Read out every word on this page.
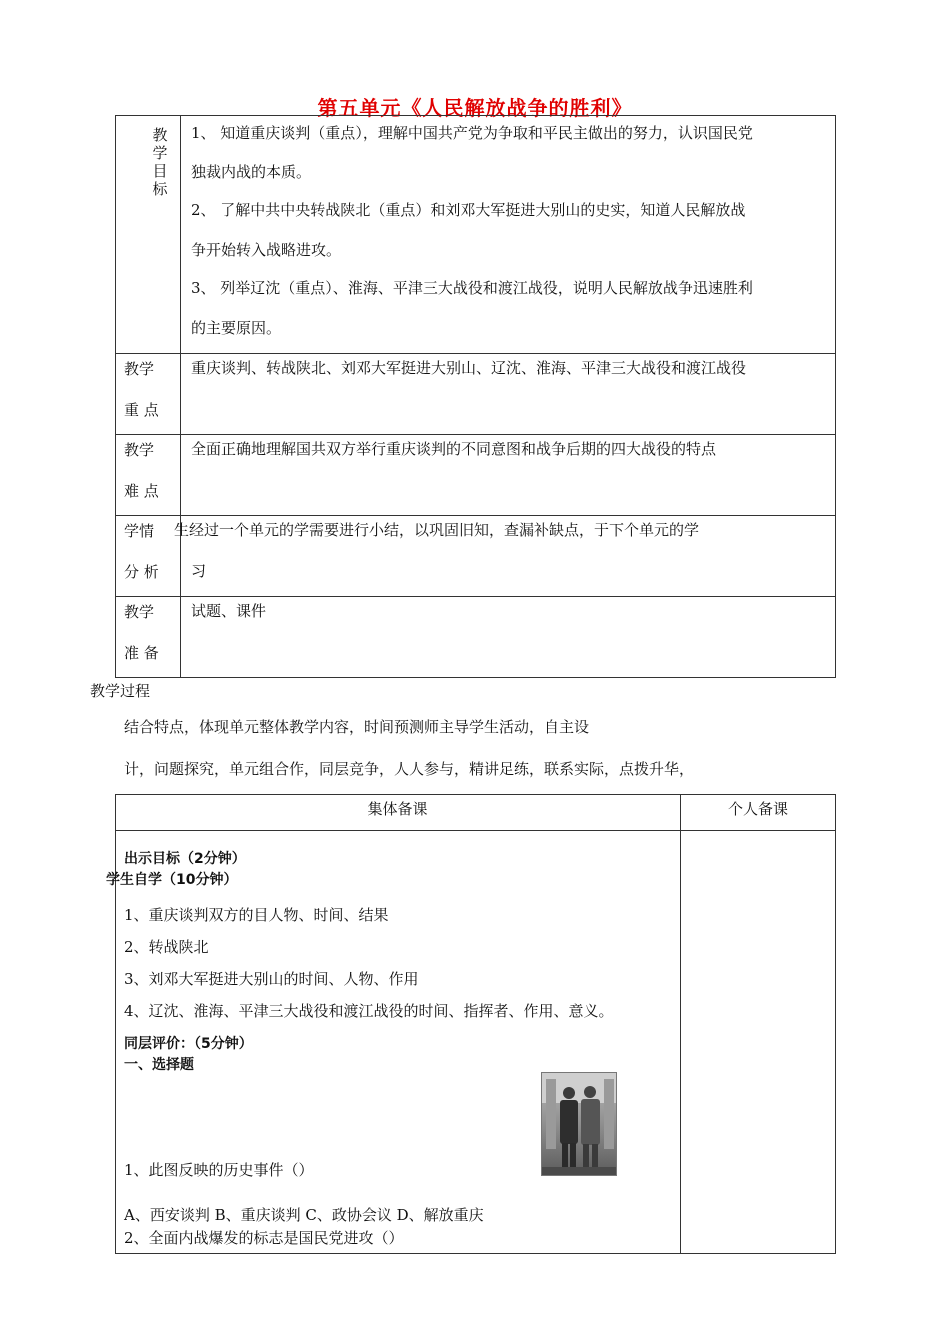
第五单元《人民解放战争的胜利》
教
学
目
标
1、 知道重庆谈判（重点），理解中国共产党为争取和平民主做出的努力，认识国民党
独裁内战的本质。
2、 了解中共中央转战陕北（重点）和刘邓大军挺进大别山的史实，知道人民解放战
争开始转入战略进攻。
3、 列举辽沈（重点）、淮海、平津三大战役和渡江战役，说明人民解放战争迅速胜利
的主要原因。
教学
重 点
重庆谈判、转战陕北、刘邓大军挺进大别山、辽沈、淮海、平津三大战役和渡江战役
教学
难 点
全面正确地理解国共双方举行重庆谈判的不同意图和战争后期的四大战役的特点
学情
分 析
生经过一个单元的学需要进行小结，以巩固旧知，查漏补缺点，于下个单元的学
习
教学
准 备
试题、课件
教学过程
结合特点，体现单元整体教学内容，时间预测师主导学生活动，自主设
计，问题探究，单元组合作，同层竞争，人人参与，精讲足练，联系实际，点拨升华，
集体备课	个人备课
出示目标（2分钟）
学生自学（10分钟）
1、重庆谈判双方的目人物、时间、结果
2、转战陕北
3、刘邓大军挺进大别山的时间、人物、作用
4、辽沈、淮海、平津三大战役和渡江战役的时间、指挥者、作用、意义。
同层评价：（5分钟）
一、选择题
1、此图反映的历史事件（）
A、西安谈判 B、重庆谈判 C、政协会议 D、解放重庆
2、全面内战爆发的标志是国民党进攻（）
